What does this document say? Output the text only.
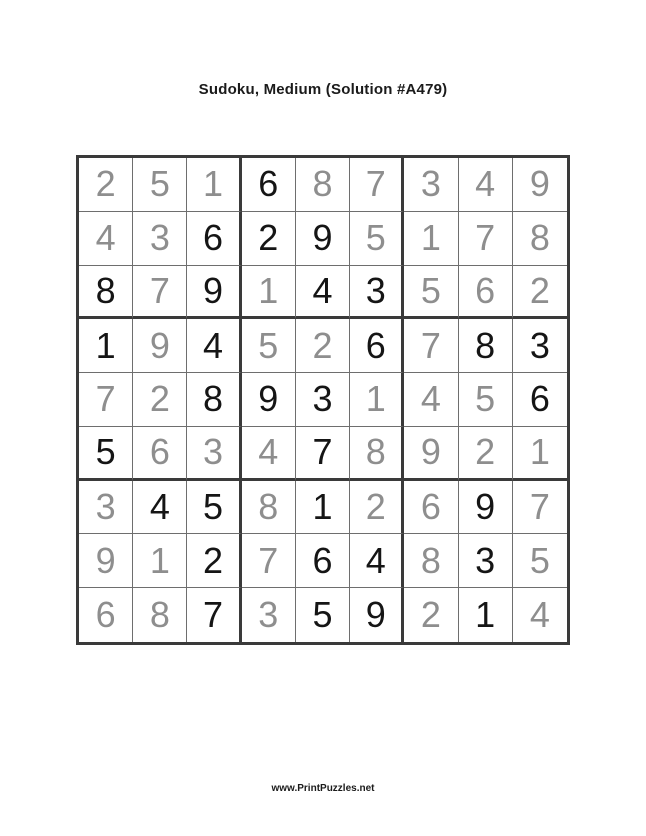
Sudoku, Medium (Solution #A479)
2 5 1 6 8 7 3 4 9
4 3 6 2 9 5 1 7 8
8 7 9 1 4 3 5 6 2
1 9 4 5 2 6 7 8 3
7 2 8 9 3 1 4 5 6
5 6 3 4 7 8 9 2 1
3 4 5 8 1 2 6 9 7
9 1 2 7 6 4 8 3 5
6 8 7 3 5 9 2 1 4
www.PrintPuzzles.net
